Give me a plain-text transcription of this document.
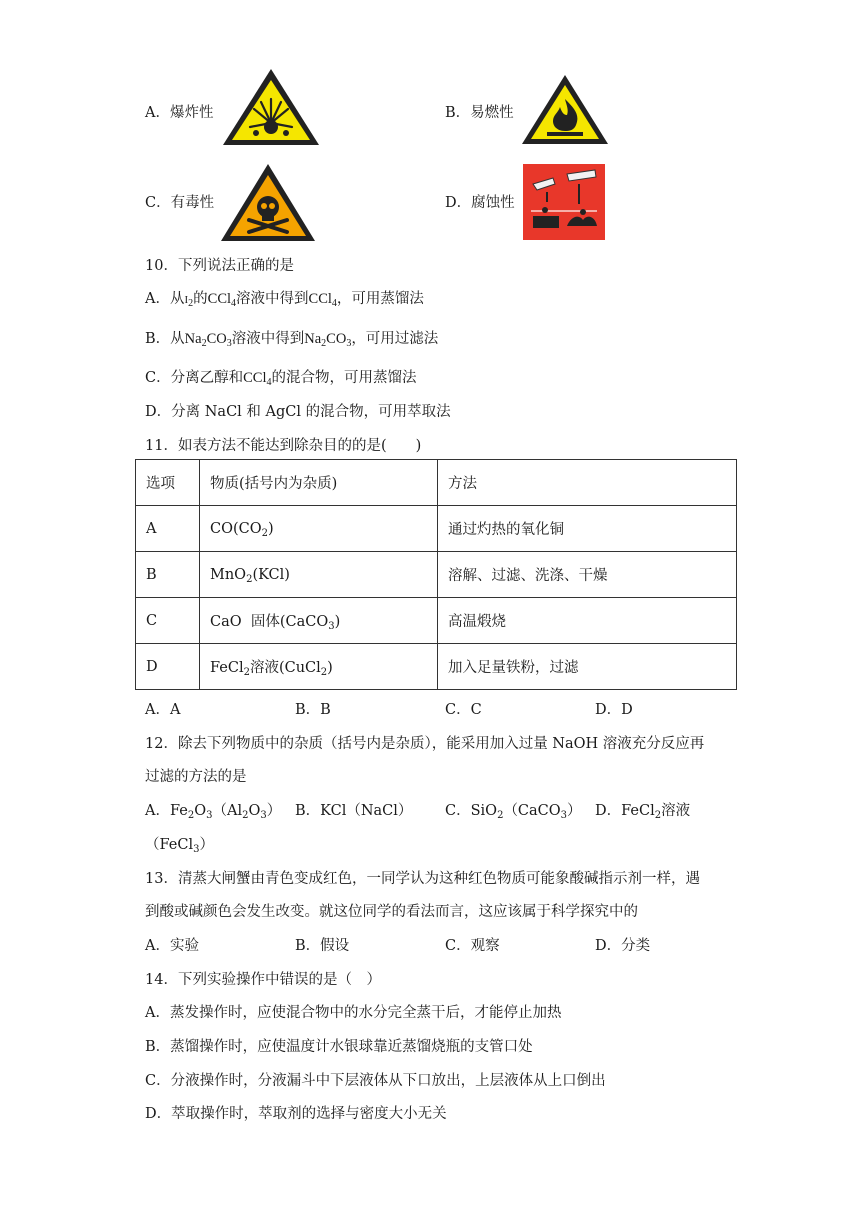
A．爆炸性	B．易燃性
C．有毒性	D．腐蚀性
10．下列说法正确的是
A．从$I_2$的CCl$_4$溶液中得到CCl$_4$，可用蒸馏法
B．从$Na_2CO_3$溶液中得到$Na_2CO_3$，可用过滤法
C．分离乙醇和CCl$_4$的混合物，可用蒸馏法
D．分离 NaCl 和 AgCl 的混合物，可用萃取法
11．如表方法不能达到除杂目的的是(　　)
选项	物质(括号内为杂质)	方法
A	$CO(CO_2)$	通过灼热的氧化铜
B	MnO$_2$(KCl)	溶解、过滤、洗涤、干燥
C	CaO  固体(CaCO$_3$)	高温煅烧
D	FeCl$_2$溶液(CuCl$_2$)	加入足量铁粉，过滤
A．A	B．B	C．C	D．D
12．除去下列物质中的杂质（括号内是杂质），能采用加入过量 NaOH 溶液充分反应再
过滤的方法的是
A．$Fe_2O_3(Al_2O_3)$ B．KCl（NaCl） C．SiO$_2$（CaCO$_3$） D．FeCl$_2$溶液
（FeCl$_3$）
13．清蒸大闸蟹由青色变成红色，一同学认为这种红色物质可能象酸碱指示剂一样，遇
到酸或碱颜色会发生改变。就这位同学的看法而言，这应该属于科学探究中的
A．实验	B．假设	C．观察	D．分类
14．下列实验操作中错误的是（　）
A．蒸发操作时，应使混合物中的水分完全蒸干后，才能停止加热
B．蒸馏操作时，应使温度计水银球靠近蒸馏烧瓶的支管口处
C．分液操作时，分液漏斗中下层液体从下口放出，上层液体从上口倒出
D．萃取操作时，萃取剂的选择与密度大小无关
